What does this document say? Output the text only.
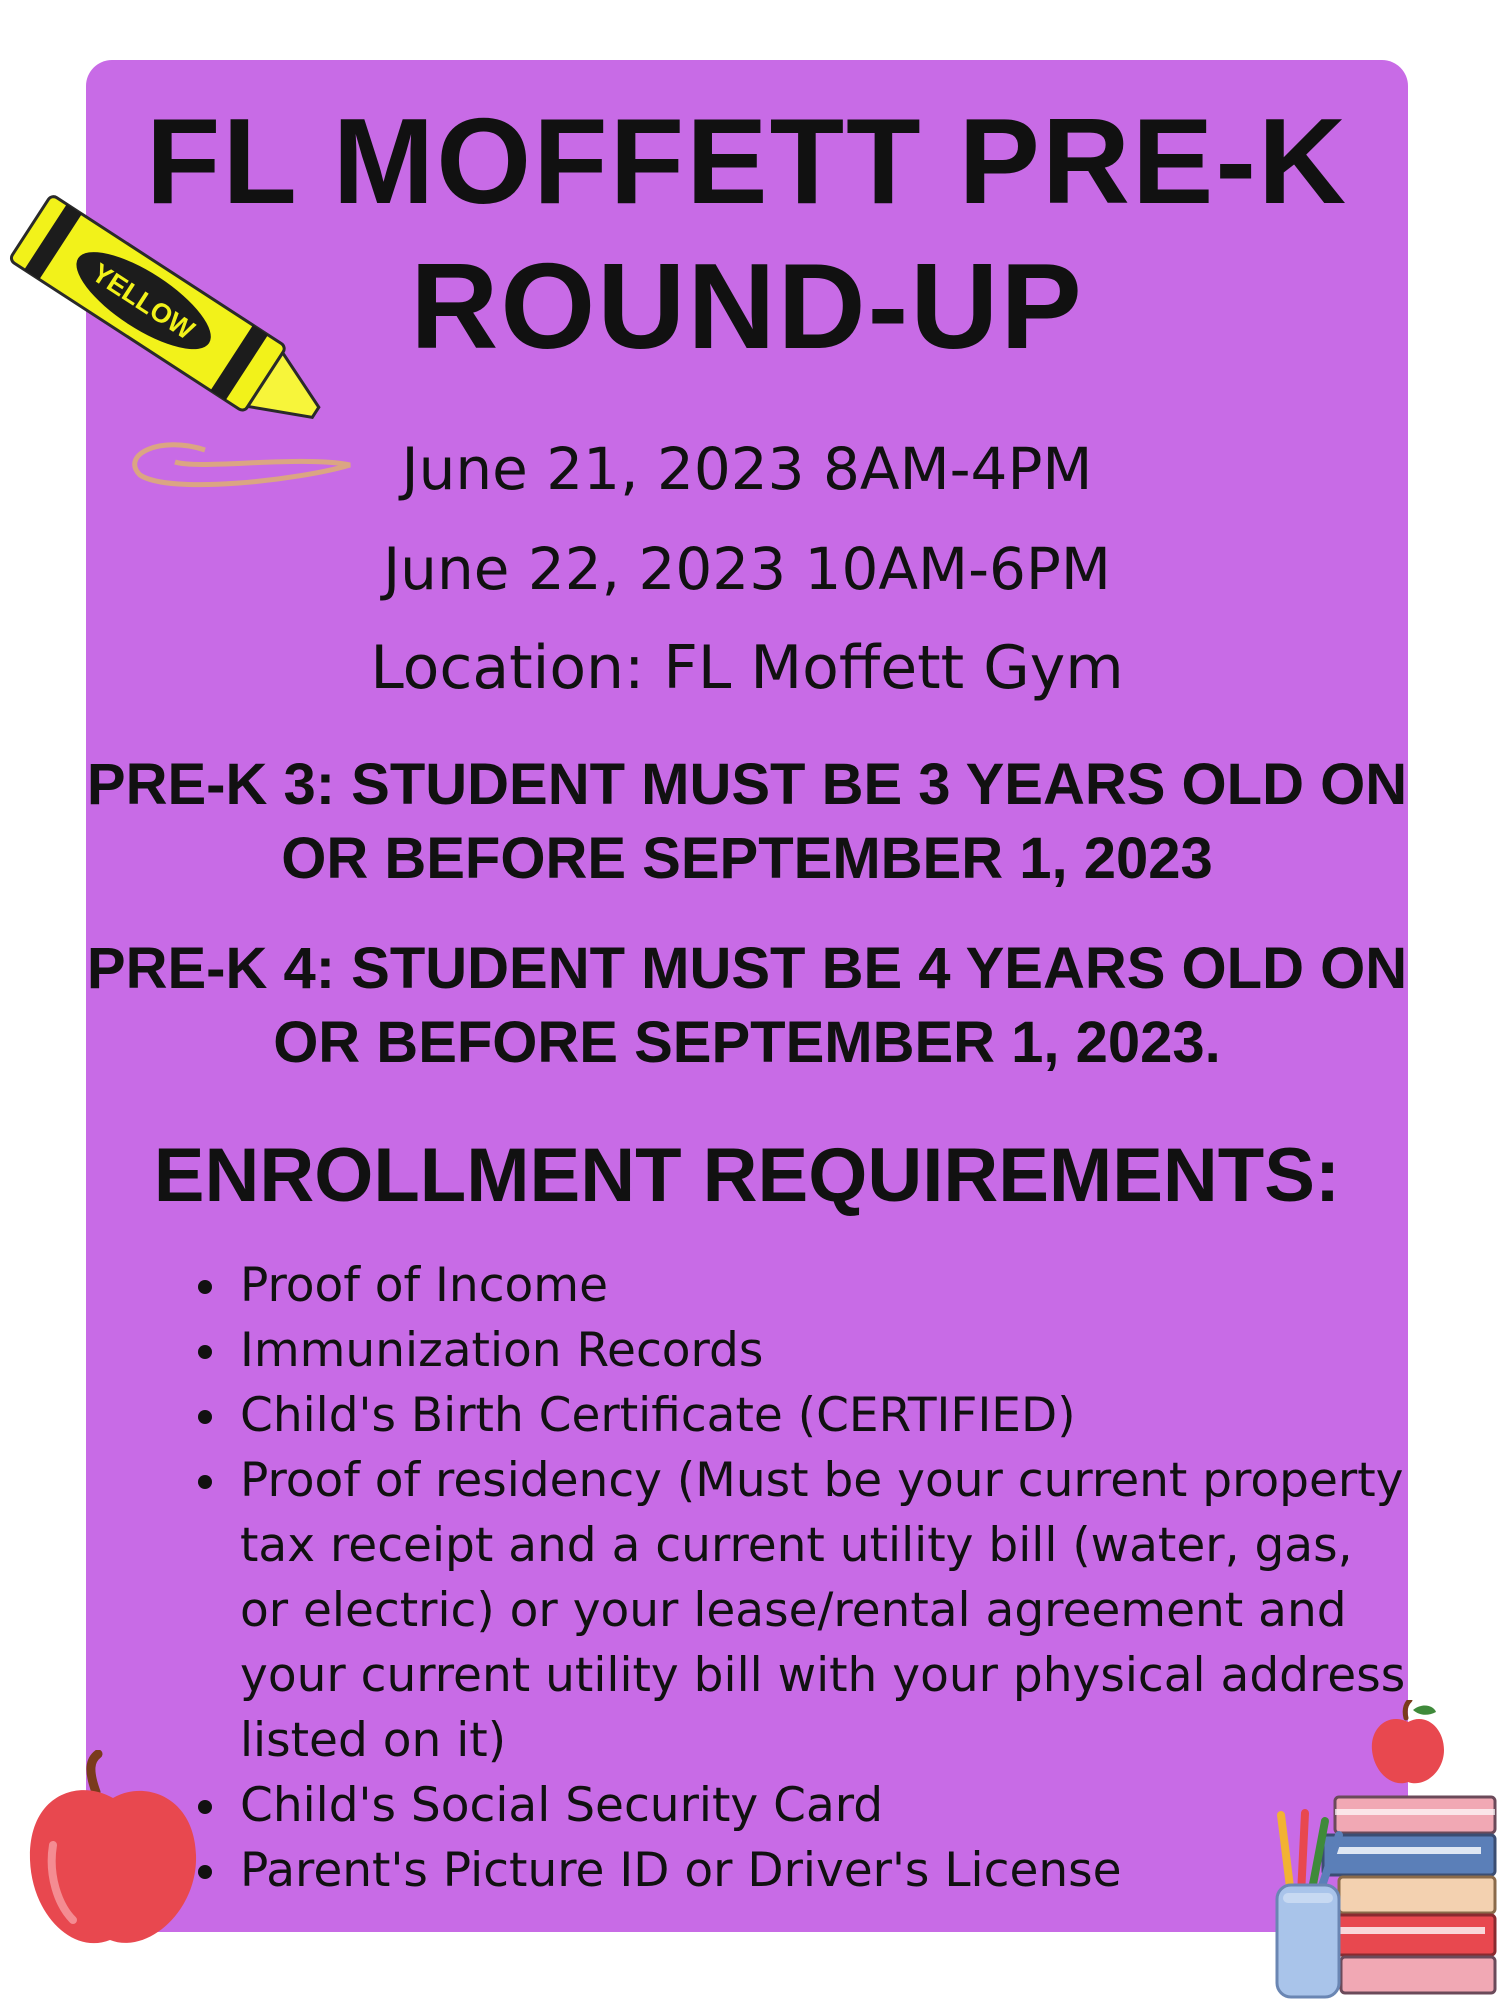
YELLOW
FL MOFFETT PRE-K
ROUND-UP
June 21, 2023 8AM-4PM
June 22, 2023 10AM-6PM
Location: FL Moffett Gym
PRE-K 3: STUDENT MUST BE 3 YEARS OLD ON OR BEFORE SEPTEMBER 1, 2023
PRE-K 4: STUDENT MUST BE 4 YEARS OLD ON OR BEFORE SEPTEMBER 1, 2023.
ENROLLMENT REQUIREMENTS:
Proof of Income
Immunization Records
Child's Birth Certificate (CERTIFIED)
Proof of residency (Must be your current property tax receipt and a current utility bill (water, gas, or electric) or your lease/rental agreement and your current utility bill with your physical address listed on it)
Child's Social Security Card
Parent's Picture ID or Driver's License
